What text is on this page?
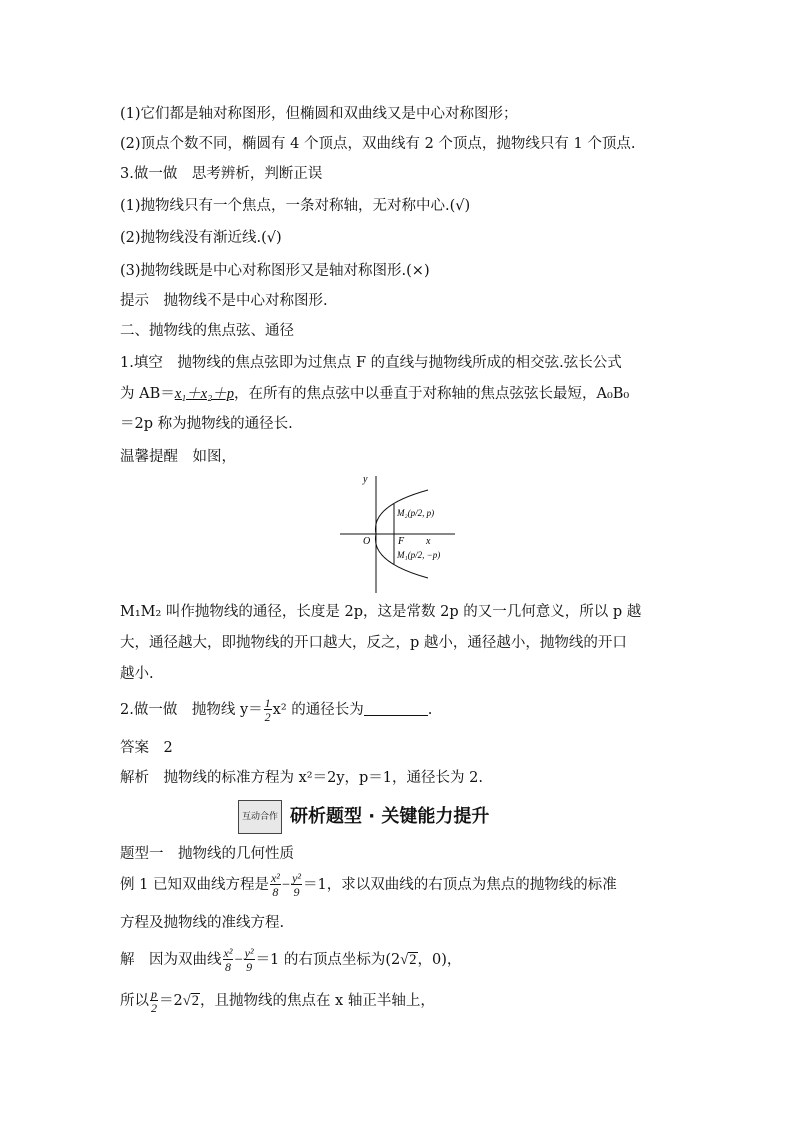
(1)它们都是轴对称图形，但椭圆和双曲线又是中心对称图形；
(2)顶点个数不同，椭圆有 4 个顶点，双曲线有 2 个顶点，抛物线只有 1 个顶点.
3.做一做　思考辨析，判断正误
(1)抛物线只有一个焦点，一条对称轴，无对称中心.(√)
(2)抛物线没有渐近线.(√)
(3)抛物线既是中心对称图形又是轴对称图形.(×)
提示　抛物线不是中心对称图形.
二、抛物线的焦点弦、通径
1.填空　抛物线的焦点弦即为过焦点 F 的直线与抛物线所成的相交弦.弦长公式
为 AB＝x₁＋x₂＋p，在所有的焦点弦中以垂直于对称轴的焦点弦弦长最短，A₀B₀
＝2p 称为抛物线的通径长.
温馨提醒　如图，
y
x
O	F
M₂(p/2, p)
M₁(p/2, −p)
M₁M₂ 叫作抛物线的通径，长度是 2p，这是常数 2p 的又一几何意义，所以 p 越
大，通径越大，即抛物线的开口越大，反之，p 越小，通径越小，抛物线的开口
越小.
2.做一做　抛物线 $y= \frac{1}{2} x^2$ 的通径长为	.
答案　2
解析　抛物线的标准方程为 x²＝2y，p＝1，通径长为 2.
互动合作 研析题型 · 关键能力提升
题型一　抛物线的几何性质
例 1 已知双曲线方程是 $\frac{\text{x²}}{8} - \frac{\text{y²}}{9} =1$，求以双曲线的右顶点为焦点的抛物线的标准
方程及抛物线的准线方程.
解　因为双曲线 $\frac{\text{x²}}{8} - \frac{\text{y²}}{9} =1$ 的右顶点坐标为(2√2，0)，
所以 $\frac{p}{2} =2√2$，且抛物线的焦点在 x 轴正半轴上，
